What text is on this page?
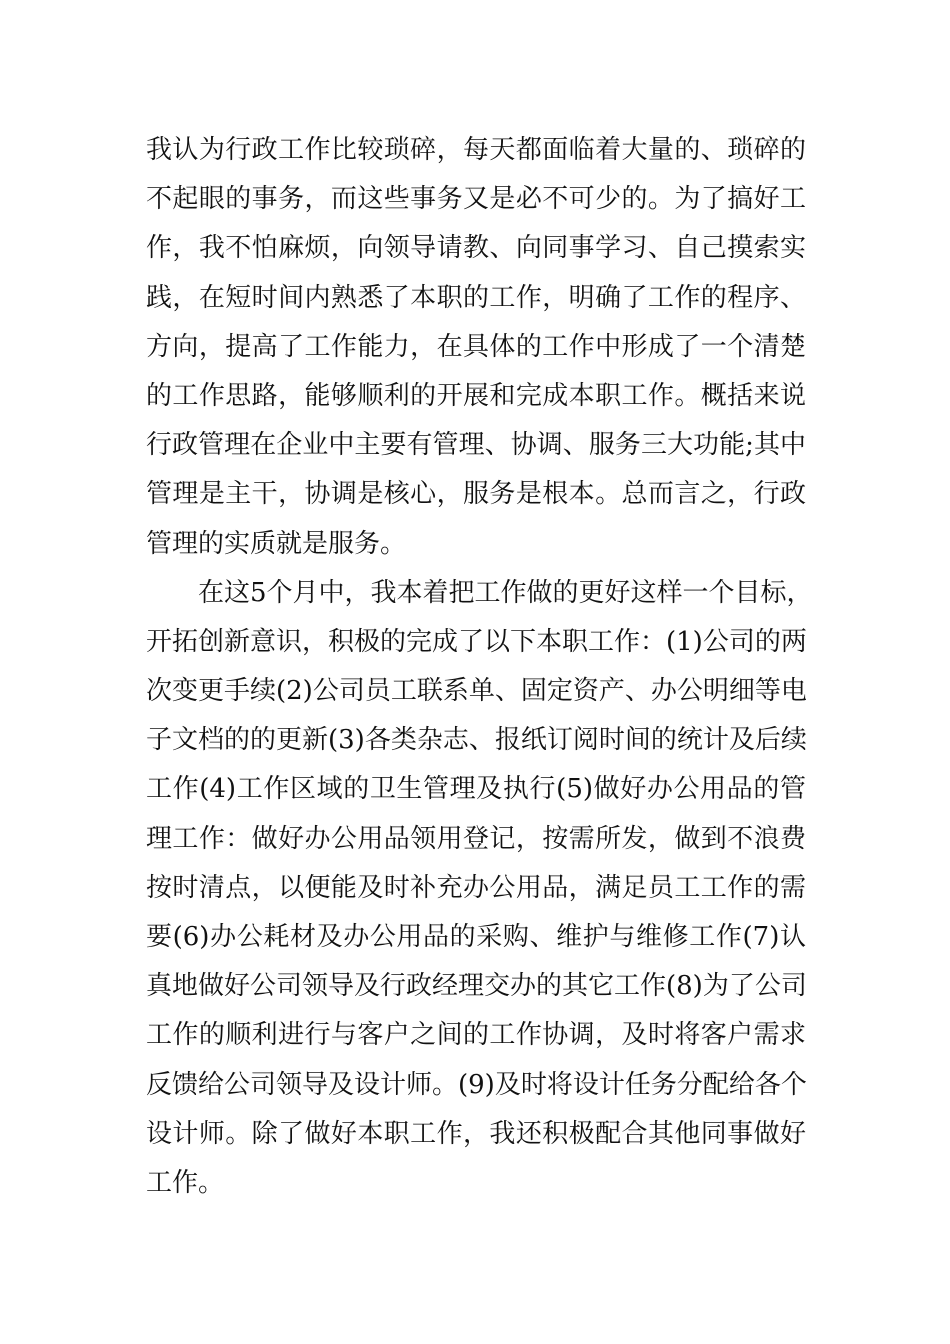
我认为行政工作比较琐碎，每天都面临着大量的、琐碎的
不起眼的事务，而这些事务又是必不可少的。为了搞好工
作，我不怕麻烦，向领导请教、向同事学习、自己摸索实
践，在短时间内熟悉了本职的工作，明确了工作的程序、
方向，提高了工作能力，在具体的工作中形成了一个清楚
的工作思路，能够顺利的开展和完成本职工作。概括来说
行政管理在企业中主要有管理、协调、服务三大功能;其中
管理是主干，协调是核心，服务是根本。总而言之，行政
管理的实质就是服务。
在这5个月中，我本着把工作做的更好这样一个目标，
开拓创新意识，积极的完成了以下本职工作：(1)公司的两
次变更手续(2)公司员工联系单、固定资产、办公明细等电
子文档的的更新(3)各类杂志、报纸订阅时间的统计及后续
工作(4)工作区域的卫生管理及执行(5)做好办公用品的管
理工作：做好办公用品领用登记，按需所发，做到不浪费
按时清点，以便能及时补充办公用品，满足员工工作的需
要(6)办公耗材及办公用品的采购、维护与维修工作(7)认
真地做好公司领导及行政经理交办的其它工作(8)为了公司
工作的顺利进行与客户之间的工作协调，及时将客户需求
反馈给公司领导及设计师。(9)及时将设计任务分配给各个
设计师。除了做好本职工作，我还积极配合其他同事做好
工作。
